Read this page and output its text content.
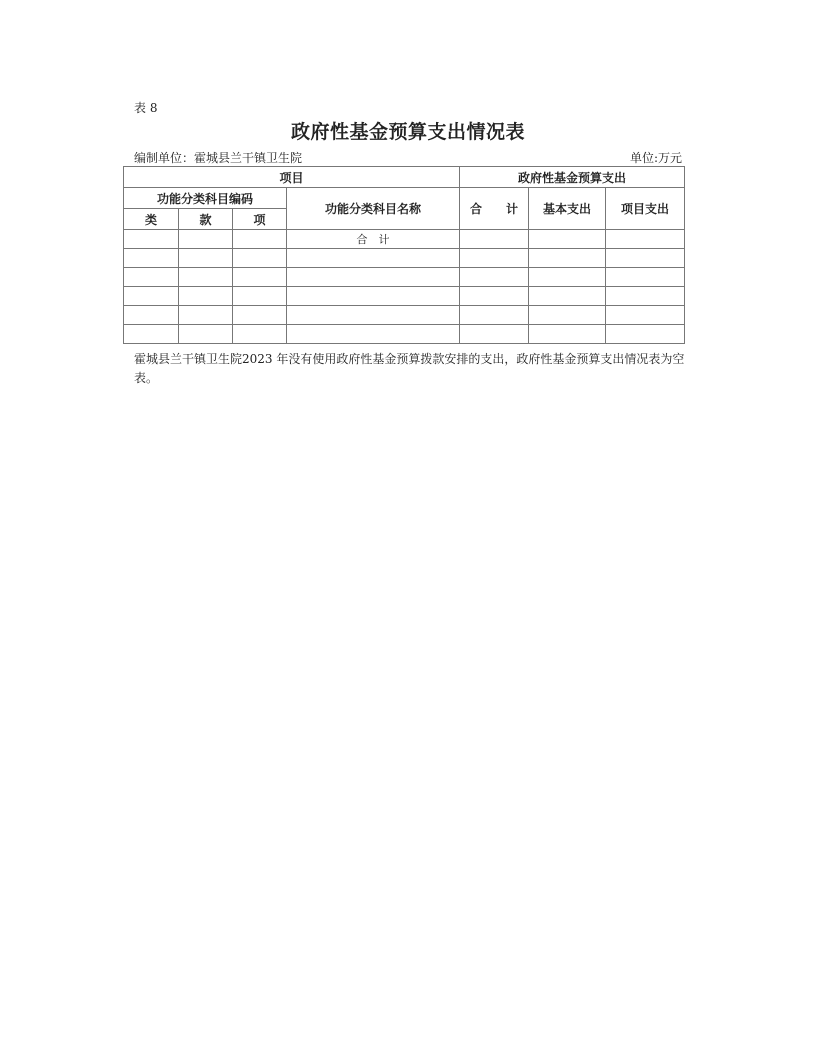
表 8
政府性基金预算支出情况表
编制单位：霍城县兰干镇卫生院	单位:万元
项目				政府性基金预算支出		
功能分类科目编码			功能分类科目名称	合　　计	基本支出	项目支出
类	款	项				
			合　计			

霍城县兰干镇卫生院2023 年没有使用政府性基金预算拨款安排的支出，政府性基金预算支出情况表为空表。
